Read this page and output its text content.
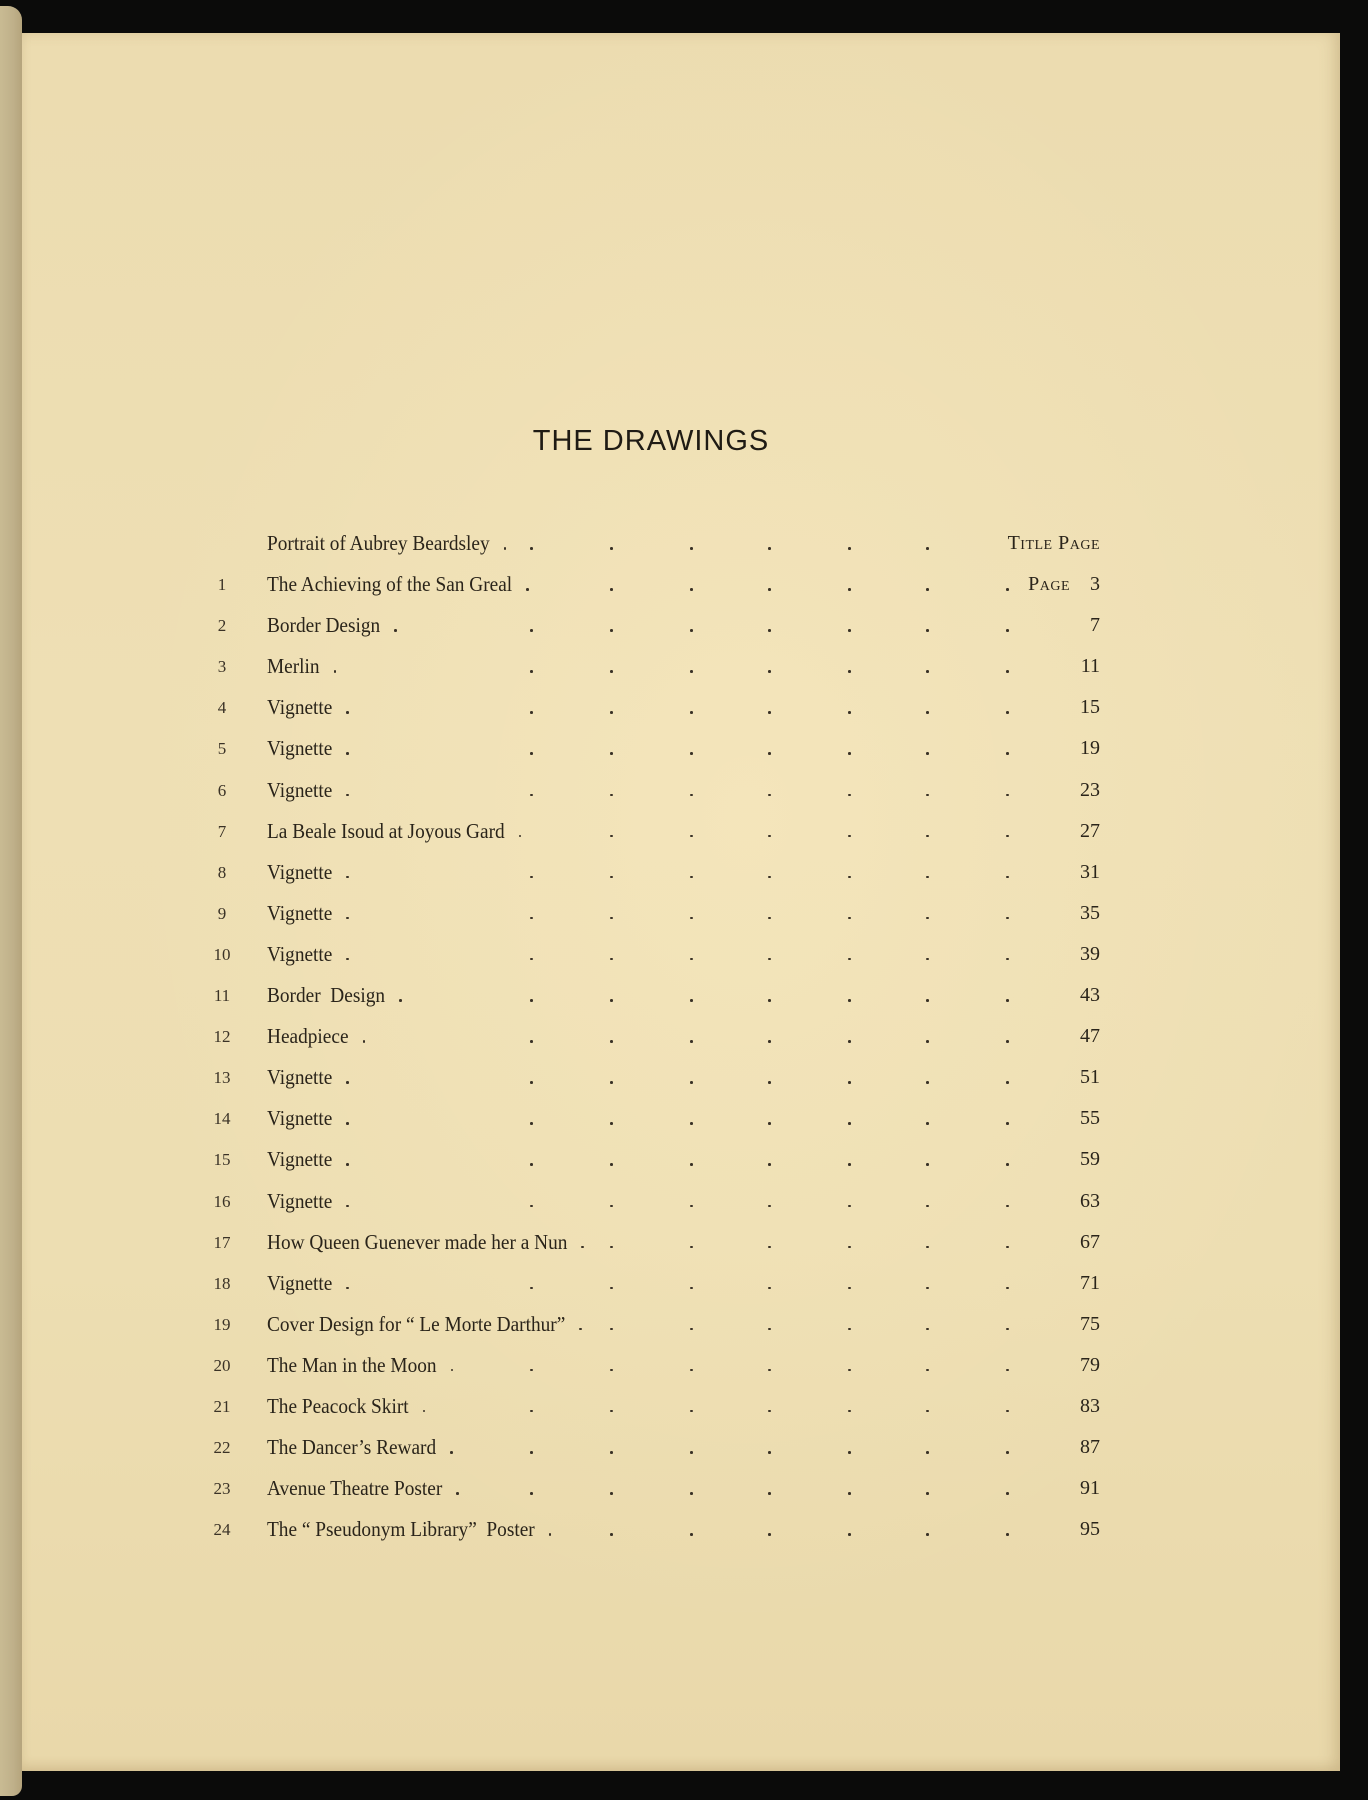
THE DRAWINGS
Portrait of Aubrey Beardsley	Title Page
1	The Achieving of the San Greal	Page 3
2	Border Design	7
3	Merlin	11
4	Vignette	15
5	Vignette	19
6	Vignette	23
7	La Beale Isoud at Joyous Gard	27
8	Vignette	31
9	Vignette	35
10	Vignette	39
11	Border  Design	43
12	Headpiece	47
13	Vignette	51
14	Vignette	55
15	Vignette	59
16	Vignette	63
17	How Queen Guenever made her a Nun	67
18	Vignette	71
19	Cover Design for “ Le Morte Darthur”	75
20	The Man in the Moon	79
21	The Peacock Skirt	83
22	The Dancer’s Reward	87
23	Avenue Theatre Poster	91
24	The “ Pseudonym Library”  Poster	95
